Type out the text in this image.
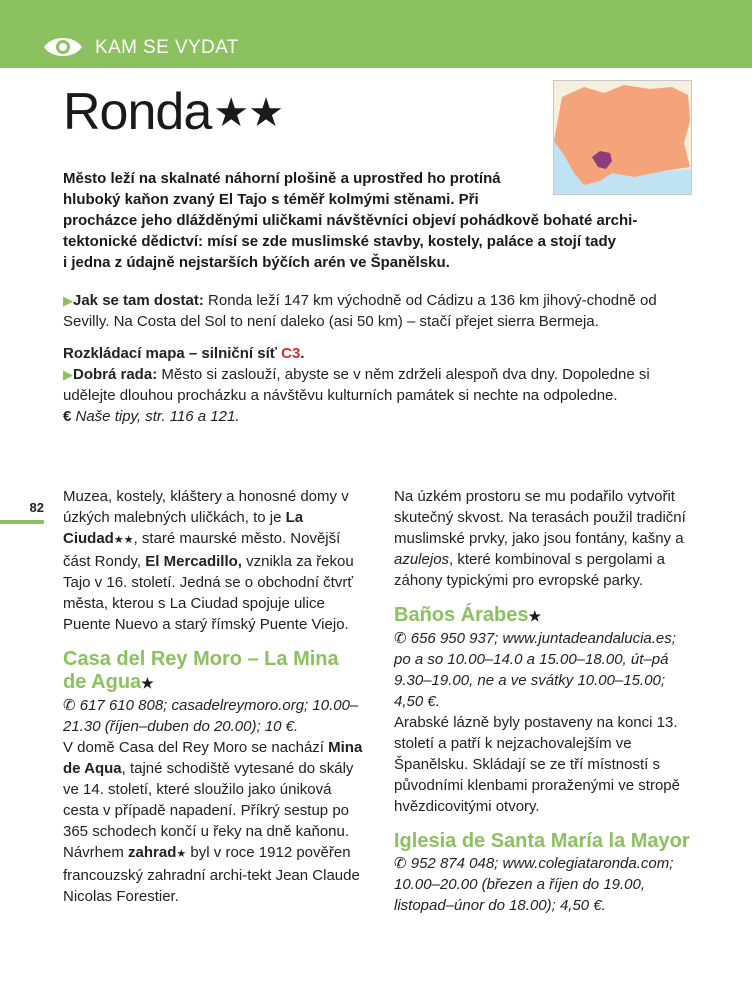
KAM SE VYDAT
Ronda★★

Město leží na skalnaté náhorní plošině a uprostřed ho protíná hluboký kaňon zvaný El Tajo s téměř kolmými stěnami. Při
procházce jeho dlážděnými uličkami návštěvníci objeví pohádkově bohaté archi-
tektonické dědictví: mísí se zde muslimské stavby, kostely, paláce a stojí tady
i jedna z údajně nejstarších býčích arén ve Španělsku.

▶Jak se tam dostat: Ronda leží 147 km východně od Cádizu a 136 km jihový-chodně od Sevilly. Na Costa del Sol to není daleko (asi 50 km) – stačí přejet sierra Bermeja.

Rozkládací mapa – silniční síť C3.

▶Dobrá rada: Město si zaslouží, abyste se v něm zdrželi alespoň dva dny. Dopoledne si udělejte dlouhou procházku a návštěvu kulturních památek si nechte na odpoledne.

€ Naše tipy, str. 116 a 121.

82

Muzea, kostely, kláštery a honosné domy v úzkých malebných uličkách, to je La Ciudad★★, staré maurské město. Novější část Rondy, El Mercadillo, vznikla za řekou Tajo v 16. století. Jedná se o obchodní čtvrť města, kterou s La Ciudad spojuje ulice Puente Nuevo a starý římský Puente Viejo.

Casa del Rey Moro – La Mina de Agua★

✆ 617 610 808; casadelreymoro.org; 10.00–21.30 (říjen–duben do 20.00); 10 €.

V domě Casa del Rey Moro se nachází Mina de Aqua, tajné schodiště vytesané do skály ve 14. století, které sloužilo jako úniková cesta v případě napadení. Příkrý sestup po 365 schodech končí u řeky na dně kaňonu. Návrhem zahrad★ byl v roce 1912 pověřen francouzský zahradní archi-tekt Jean Claude Nicolas Forestier.

Na úzkém prostoru se mu podařilo vytvořit skutečný skvost. Na terasách použil tradiční muslimské prvky, jako jsou fontány, kašny a azulejos, které kombinoval s pergolami a záhony typickými pro evropské parky.

Baños Árabes★

✆ 656 950 937; www.juntadeandalucia.es; po a so 10.00–14.0 a 15.00–18.00, út–pá 9.30–19.00, ne a ve svátky 10.00–15.00; 4,50 €.

Arabské lázně byly postaveny na konci 13. století a patří k nejzachovalejším ve Španělsku. Skládají se ze tří místností s původními klenbami proraženými ve stropě hvězdicovitými otvory.

Iglesia de Santa María la Mayor

✆ 952 874 048; www.colegiataronda.com; 10.00–20.00 (březen a říjen do 19.00, listopad–únor do 18.00); 4,50 €.
